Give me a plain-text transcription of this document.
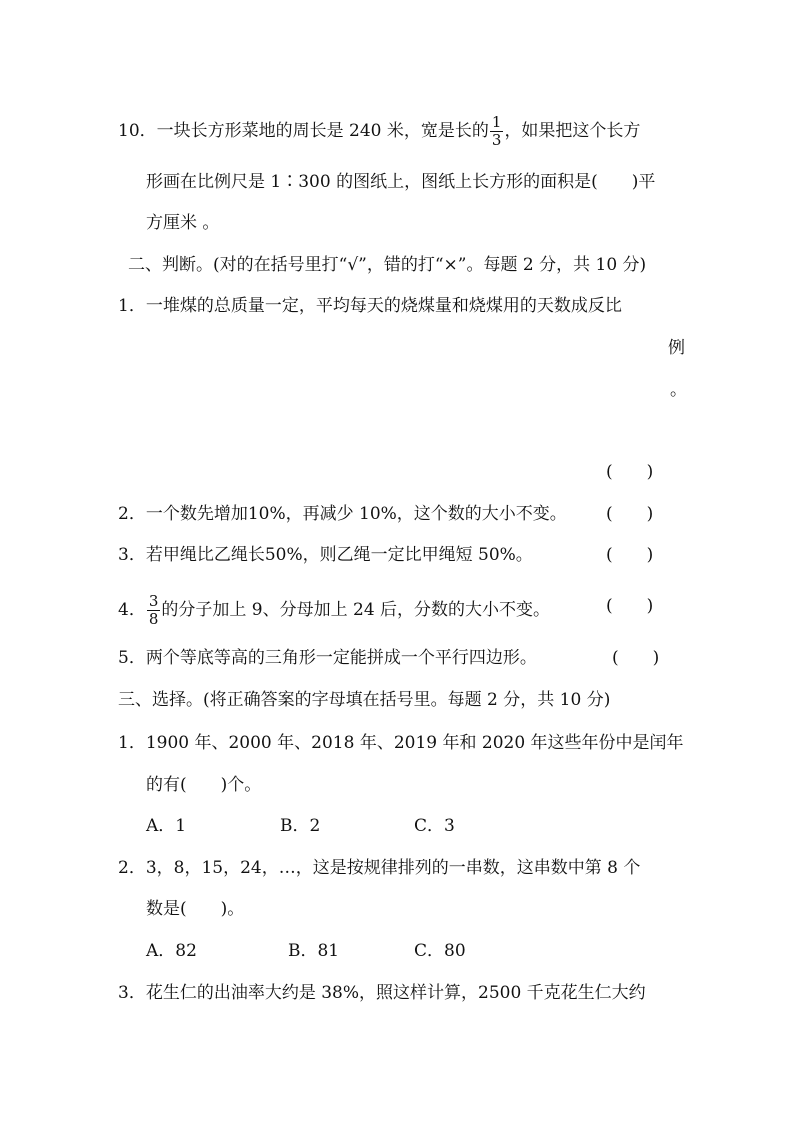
10．一块长方形菜地的周长是 240 米，宽是长的 $\frac{1}{3}$ ，如果把这个长方
形画在比例尺是 1∶300 的图纸上，图纸上长方形的面积是(　　)平
方厘米 。
二、判断。(对的在括号里打“√”，错的打“×”。每题 2 分，共 10 分)
1．一堆煤的总质量一定，平均每天的烧煤量和烧煤用的天数成反比
例
。
(　　)
2．一个数先增加10%，再减少 10%，这个数的大小不变。 (　　)
3．若甲绳比乙绳长50%，则乙绳一定比甲绳短 50%。	(　　)
4． $\frac{3}{8}$ 的分子加上 9、分母加上 24 后，分数的大小不变。	(　　)
5．两个等底等高的三角形一定能拼成一个平行四边形。	(　　)
三、选择。(将正确答案的字母填在括号里。每题 2 分，共 10 分)
1．1900 年、2000 年、2018 年、2019 年和 2020 年这些年份中是闰年
的有(　　)个。
A．1	B．2	C．3
2．3，8，15，24，…，这是按规律排列的一串数，这串数中第 8 个
数是(　　)。
A．82	B．81	C．80
3．花生仁的出油率大约是 38%，照这样计算，2500 千克花生仁大约
